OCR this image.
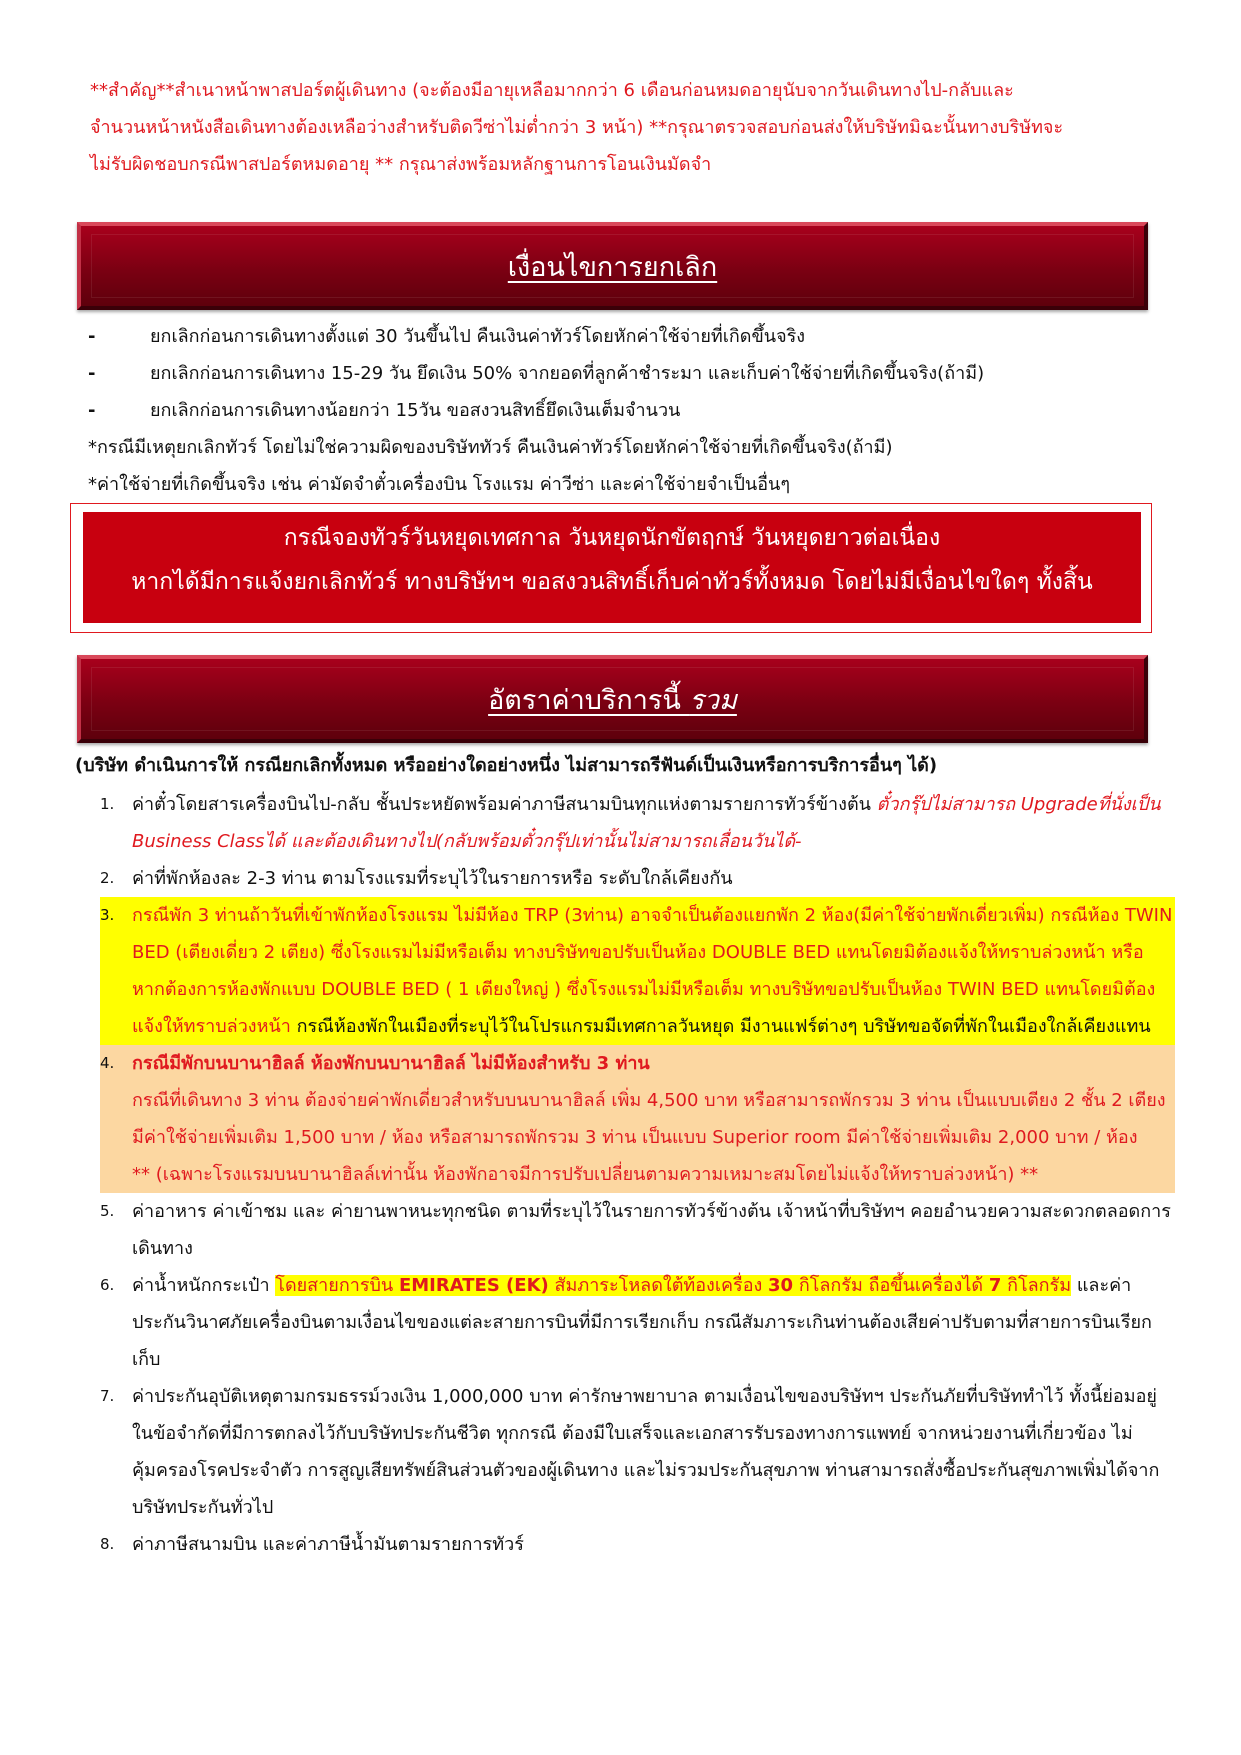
**สำคัญ**สำเนาหน้าพาสปอร์ตผู้เดินทาง (จะต้องมีอายุเหลือมากกว่า 6 เดือนก่อนหมดอายุนับจากวันเดินทางไป-กลับและ
จำนวนหน้าหนังสือเดินทางต้องเหลือว่างสำหรับติดวีซ่าไม่ต่ำกว่า 3 หน้า) **กรุณาตรวจสอบก่อนส่งให้บริษัทมิฉะนั้นทางบริษัทจะ
ไม่รับผิดชอบกรณีพาสปอร์ตหมดอายุ ** กรุณาส่งพร้อมหลักฐานการโอนเงินมัดจำ
เงื่อนไขการยกเลิก
-	ยกเลิกก่อนการเดินทางตั้งแต่ 30 วันขึ้นไป คืนเงินค่าทัวร์โดยหักค่าใช้จ่ายที่เกิดขึ้นจริง
-	ยกเลิกก่อนการเดินทาง 15-29 วัน ยึดเงิน 50% จากยอดที่ลูกค้าชำระมา และเก็บค่าใช้จ่ายที่เกิดขึ้นจริง(ถ้ามี)
-	ยกเลิกก่อนการเดินทางน้อยกว่า 15วัน ขอสงวนสิทธิ์ยึดเงินเต็มจำนวน
*กรณีมีเหตุยกเลิกทัวร์ โดยไม่ใช่ความผิดของบริษัททัวร์ คืนเงินค่าทัวร์โดยหักค่าใช้จ่ายที่เกิดขึ้นจริง(ถ้ามี)
*ค่าใช้จ่ายที่เกิดขึ้นจริง เช่น ค่ามัดจำตั๋วเครื่องบิน โรงแรม ค่าวีซ่า และค่าใช้จ่ายจำเป็นอื่นๆ
กรณีจองทัวร์วันหยุดเทศกาล วันหยุดนักขัตฤกษ์ วันหยุดยาวต่อเนื่อง
หากได้มีการแจ้งยกเลิกทัวร์ ทางบริษัทฯ ขอสงวนสิทธิ์เก็บค่าทัวร์ทั้งหมด โดยไม่มีเงื่อนไขใดๆ ทั้งสิ้น
อัตราค่าบริการนี้ รวม
(บริษัท ดำเนินการให้ กรณียกเลิกทั้งหมด หรืออย่างใดอย่างหนึ่ง ไม่สามารถรีฟันด์เป็นเงินหรือการบริการอื่นๆ ได้)
1. ค่าตั๋วโดยสารเครื่องบินไป-กลับ ชั้นประหยัดพร้อมค่าภาษีสนามบินทุกแห่งตามรายการทัวร์ข้างต้น ตั๋วกรุ๊ปไม่สามารถ Upgradeที่นั่งเป็น Business Classได้ และต้องเดินทางไป(กลับพร้อมตั๋วกรุ๊ปเท่านั้นไม่สามารถเลื่อนวันได้-
2. ค่าที่พักห้องละ 2-3 ท่าน ตามโรงแรมที่ระบุไว้ในรายการหรือ ระดับใกล้เคียงกัน
3. กรณีพัก 3 ท่านถ้าวันที่เข้าพักห้องโรงแรม ไม่มีห้อง TRP (3ท่าน) อาจจำเป็นต้องแยกพัก 2 ห้อง(มีค่าใช้จ่ายพักเดี่ยวเพิ่ม) กรณีห้อง TWIN BED (เตียงเดี่ยว 2 เตียง) ซึ่งโรงแรมไม่มีหรือเต็ม ทางบริษัทขอปรับเป็นห้อง DOUBLE BED แทนโดยมิต้องแจ้งให้ทราบล่วงหน้า หรือ หากต้องการห้องพักแบบ DOUBLE BED ( 1 เตียงใหญ่ ) ซึ่งโรงแรมไม่มีหรือเต็ม ทางบริษัทขอปรับเป็นห้อง TWIN BED แทนโดยมิต้องแจ้งให้ทราบล่วงหน้า กรณีห้องพักในเมืองที่ระบุไว้ในโปรแกรมมีเทศกาลวันหยุด มีงานแฟร์ต่างๆ บริษัทขอจัดที่พักในเมืองใกล้เคียงแทน
4. กรณีมีพักบนบานาฮิลล์ ห้องพักบนบานาฮิลล์ ไม่มีห้องสำหรับ 3 ท่าน
กรณีที่เดินทาง 3 ท่าน ต้องจ่ายค่าพักเดี่ยวสำหรับบนบานาฮิลล์ เพิ่ม 4,500 บาท หรือสามารถพักรวม 3 ท่าน เป็นแบบเตียง 2 ชั้น 2 เตียง มีค่าใช้จ่ายเพิ่มเติม 1,500 บาท / ห้อง หรือสามารถพักรวม 3 ท่าน เป็นแบบ Superior room มีค่าใช้จ่ายเพิ่มเติม 2,000 บาท / ห้อง
** (เฉพาะโรงแรมบนบานาฮิลล์เท่านั้น ห้องพักอาจมีการปรับเปลี่ยนตามความเหมาะสมโดยไม่แจ้งให้ทราบล่วงหน้า) **
5. ค่าอาหาร ค่าเข้าชม และ ค่ายานพาหนะทุกชนิด ตามที่ระบุไว้ในรายการทัวร์ข้างต้น เจ้าหน้าที่บริษัทฯ คอยอำนวยความสะดวกตลอดการเดินทาง
6. ค่าน้ำหนักกระเป๋า โดยสายการบิน EMIRATES (EK) สัมภาระโหลดใต้ท้องเครื่อง 30 กิโลกรัม ถือขึ้นเครื่องได้ 7 กิโลกรัม และค่า ประกันวินาศภัยเครื่องบินตามเงื่อนไขของแต่ละสายการบินที่มีการเรียกเก็บ กรณีสัมภาระเกินท่านต้องเสียค่าปรับตามที่สายการบินเรียกเก็บ
7. ค่าประกันอุบัติเหตุตามกรมธรรม์วงเงิน 1,000,000 บาท ค่ารักษาพยาบาล ตามเงื่อนไขของบริษัทฯ ประกันภัยที่บริษัททำไว้ ทั้งนี้ย่อมอยู่ในข้อจำกัดที่มีการตกลงไว้กับบริษัทประกันชีวิต ทุกกรณี ต้องมีใบเสร็จและเอกสารรับรองทางการแพทย์ จากหน่วยงานที่เกี่ยวข้อง ไม่คุ้มครองโรคประจำตัว การสูญเสียทรัพย์สินส่วนตัวของผู้เดินทาง และไม่รวมประกันสุขภาพ ท่านสามารถสั่งซื้อประกันสุขภาพเพิ่มได้จากบริษัทประกันทั่วไป
8. ค่าภาษีสนามบิน และค่าภาษีน้ำมันตามรายการทัวร์
